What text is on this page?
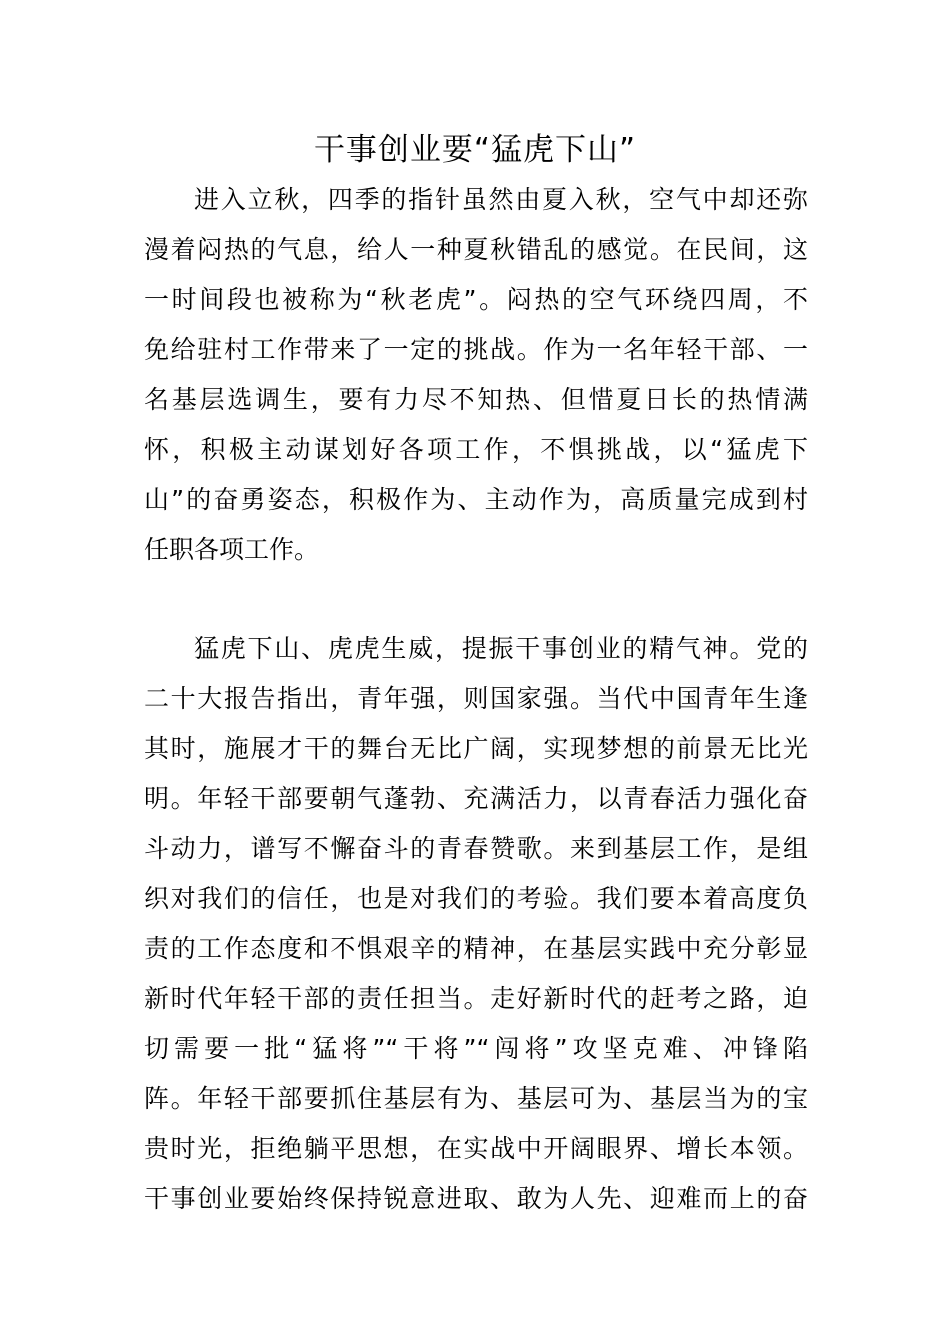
干事创业要“猛虎下山”
进入立秋，四季的指针虽然由夏入秋，空气中却还弥
漫着闷热的气息，给人一种夏秋错乱的感觉。在民间，这
一时间段也被称为“秋老虎”。闷热的空气环绕四周，不
免给驻村工作带来了一定的挑战。作为一名年轻干部、一
名基层选调生，要有力尽不知热、但惜夏日长的热情满
怀，积极主动谋划好各项工作，不惧挑战，以“猛虎下
山”的奋勇姿态，积极作为、主动作为，高质量完成到村
任职各项工作。
猛虎下山、虎虎生威，提振干事创业的精气神。党的
二十大报告指出，青年强，则国家强。当代中国青年生逢
其时，施展才干的舞台无比广阔，实现梦想的前景无比光
明。年轻干部要朝气蓬勃、充满活力，以青春活力强化奋
斗动力，谱写不懈奋斗的青春赞歌。来到基层工作，是组
织对我们的信任，也是对我们的考验。我们要本着高度负
责的工作态度和不惧艰辛的精神，在基层实践中充分彰显
新时代年轻干部的责任担当。走好新时代的赶考之路，迫
切需要一批“猛将”“干将”“闯将”攻坚克难、冲锋陷
阵。年轻干部要抓住基层有为、基层可为、基层当为的宝
贵时光，拒绝躺平思想，在实战中开阔眼界、增长本领。
干事创业要始终保持锐意进取、敢为人先、迎难而上的奋
